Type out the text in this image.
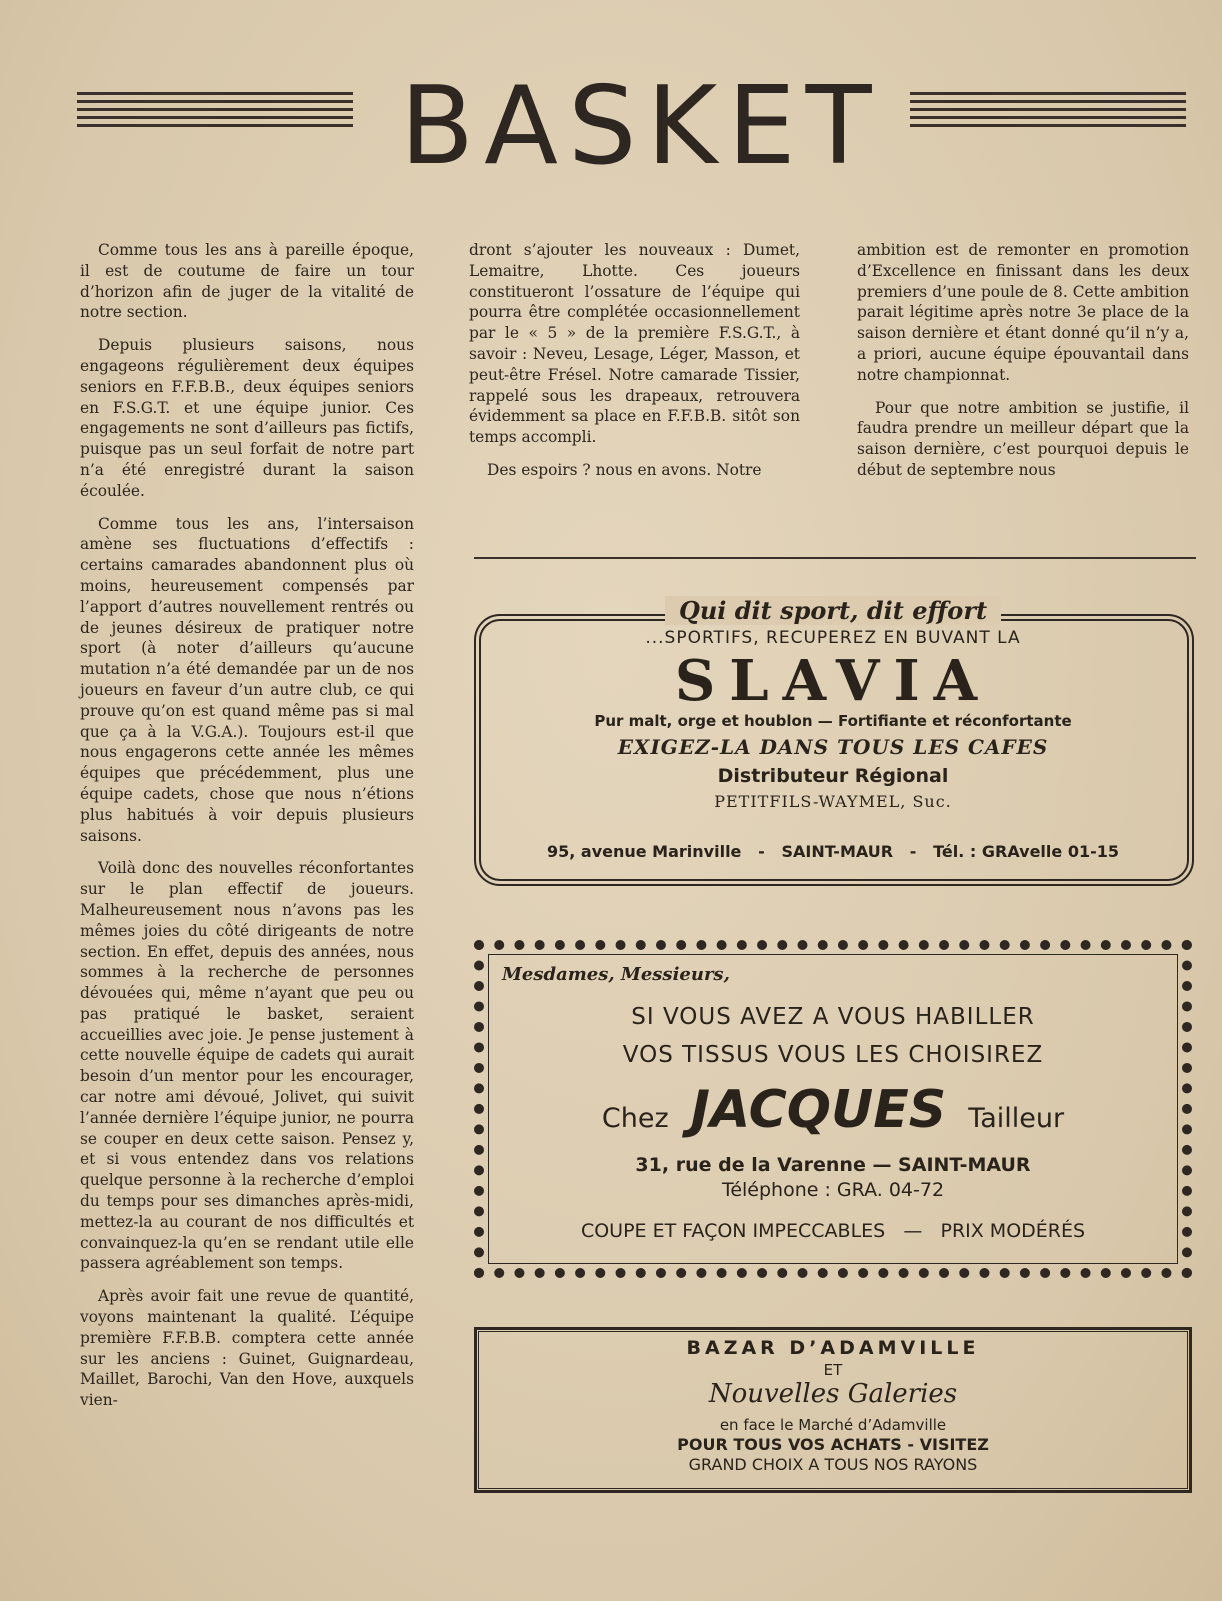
BASKET

Comme tous les ans à pareille époque, il est de coutume de faire un tour d’horizon afin de juger de la vitalité de notre section.

Depuis plusieurs saisons, nous engageons régulièrement deux équipes seniors en F.F.B.B., deux équipes seniors en F.S.G.T. et une équipe junior. Ces engagements ne sont d’ailleurs pas fictifs, puisque pas un seul forfait de notre part n’a été enregistré durant la saison écoulée.

Comme tous les ans, l’intersaison amène ses fluctuations d’effectifs : certains camarades abandonnent plus où moins, heureusement compensés par l’apport d’autres nouvellement rentrés ou de jeunes désireux de pratiquer notre sport (à noter d’ailleurs qu’aucune mutation n’a été demandée par un de nos joueurs en faveur d’un autre club, ce qui prouve qu’on est quand même pas si mal que ça à la V.G.A.). Toujours est-il que nous engagerons cette année les mêmes équipes que précédemment, plus une équipe cadets, chose que nous n’étions plus habitués à voir depuis plusieurs saisons.

Voilà donc des nouvelles réconfortantes sur le plan effectif de joueurs. Malheureusement nous n’avons pas les mêmes joies du côté dirigeants de notre section. En effet, depuis des années, nous sommes à la recherche de personnes dévouées qui, même n’ayant que peu ou pas pratiqué le basket, seraient accueillies avec joie. Je pense justement à cette nouvelle équipe de cadets qui aurait besoin d’un mentor pour les encourager, car notre ami dévoué, Jolivet, qui suivit l’année dernière l’équipe junior, ne pourra se couper en deux cette saison. Pensez y, et si vous entendez dans vos relations quelque personne à la recherche d’emploi du temps pour ses dimanches après-midi, mettez-la au courant de nos difficultés et convainquez-la qu’en se rendant utile elle passera agréablement son temps.

Après avoir fait une revue de quantité, voyons maintenant la qualité. L’équipe première F.F.B.B. comptera cette année sur les anciens : Guinet, Guignardeau, Maillet, Barochi, Van den Hove, auxquels vien-

dront s’ajouter les nouveaux : Dumet, Lemaitre, Lhotte. Ces joueurs constitueront l’ossature de l’équipe qui pourra être complétée occasionnellement par le « 5 » de la première F.S.G.T., à savoir : Neveu, Lesage, Léger, Masson, et peut-être Frésel. Notre camarade Tissier, rappelé sous les drapeaux, retrouvera évidemment sa place en F.F.B.B. sitôt son temps accompli.

Des espoirs ? nous en avons. Notre

ambition est de remonter en promotion d’Excellence en finissant dans les deux premiers d’une poule de 8. Cette ambition parait légitime après notre 3e place de la saison dernière et étant donné qu’il n’y a, a priori, aucune équipe épouvantail dans notre championnat.

Pour que notre ambition se justifie, il faudra prendre un meilleur départ que la saison dernière, c’est pourquoi depuis le début de septembre nous

Qui dit sport, dit effort
...SPORTIFS, RECUPEREZ EN BUVANT LA
SLAVIA
Pur malt, orge et houblon — Fortifiante et réconfortante
EXIGEZ-LA DANS TOUS LES CAFES
Distributeur Régional
PETITFILS-WAYMEL, Suc.
95, avenue Marinville   -   SAINT-MAUR   -   Tél. : GRAvelle 01-15
Mesdames, Messieurs,
SI VOUS AVEZ A VOUS HABILLER
VOS TISSUS VOUS LES CHOISIREZ
Chez JACQUES Tailleur
31, rue de la Varenne — SAINT-MAUR
Téléphone : GRA. 04-72
COUPE ET FAÇON IMPECCABLES   —   PRIX MODÉRÉS
BAZAR D’ADAMVILLE
ET
Nouvelles Galeries
en face le Marché d’Adamville
POUR TOUS VOS ACHATS - VISITEZ
GRAND CHOIX A TOUS NOS RAYONS
